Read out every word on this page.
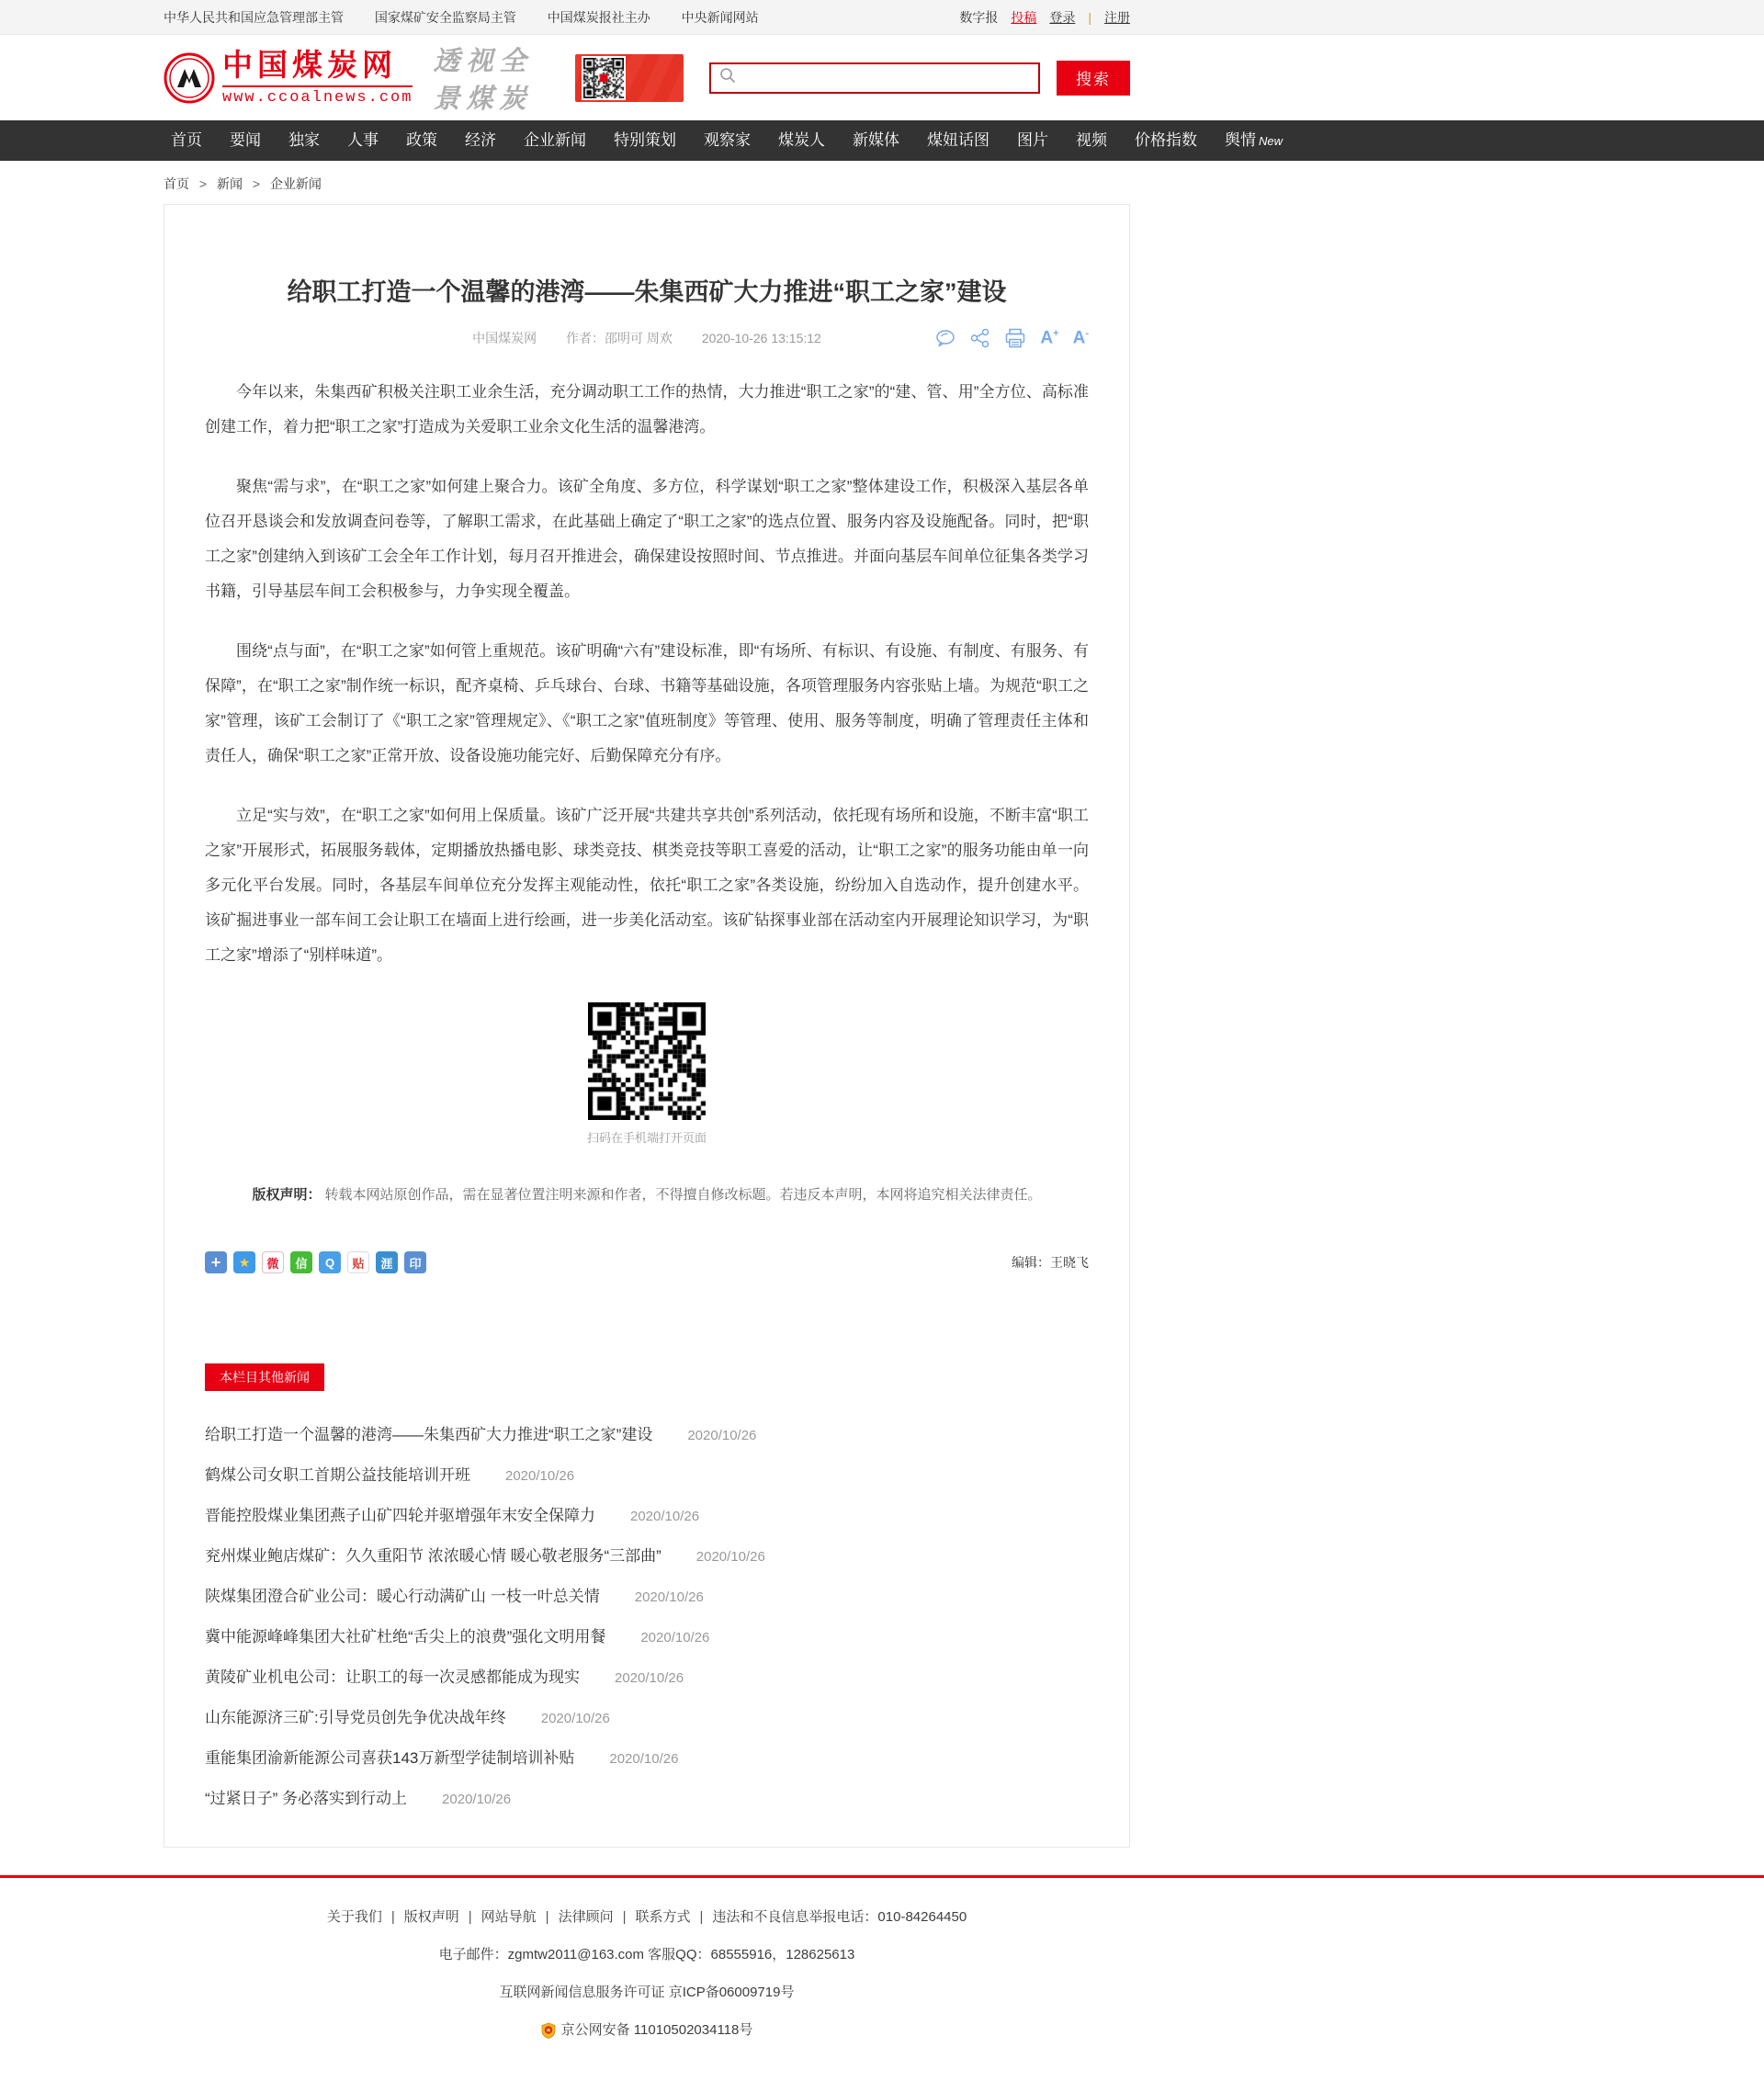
中华人民共和国应急管理部主管 国家煤矿安全监察局主管 中国煤炭报社主办 中央新闻网站	数字报 投稿 登录 | 注册
中国煤炭网
www.ccoalnews.com
透视全景煤炭
搜索
首页	要闻	独家	人事	政策	经济	企业新闻	特别策划	观察家	煤炭人	新媒体	煤妞话图	图片	视频	价格指数	舆情 New
首页 > 新闻 > 企业新闻
给职工打造一个温馨的港湾——朱集西矿大力推进“职工之家”建设
中国煤炭网 作者：邵明可 周欢 2020-10-26 13:15:12	A+ A-

今年以来，朱集西矿积极关注职工业余生活，充分调动职工工作的热情，大力推进“职工之家”的“建、管、用”全方位、高标准创建工作，着力把“职工之家”打造成为关爱职工业余文化生活的温馨港湾。

聚焦“需与求”，在“职工之家”如何建上聚合力。该矿全角度、多方位，科学谋划“职工之家”整体建设工作，积极深入基层各单位召开恳谈会和发放调查问卷等，了解职工需求，在此基础上确定了“职工之家”的选点位置、服务内容及设施配备。同时，把“职工之家”创建纳入到该矿工会全年工作计划，每月召开推进会，确保建设按照时间、节点推进。并面向基层车间单位征集各类学习书籍，引导基层车间工会积极参与，力争实现全覆盖。

围绕“点与面”，在“职工之家”如何管上重规范。该矿明确“六有”建设标准，即“有场所、有标识、有设施、有制度、有服务、有保障”，在“职工之家”制作统一标识，配齐桌椅、乒乓球台、台球、书籍等基础设施，各项管理服务内容张贴上墙。为规范“职工之家”管理，该矿工会制订了《“职工之家”管理规定》、《“职工之家”值班制度》等管理、使用、服务等制度，明确了管理责任主体和责任人，确保“职工之家”正常开放、设备设施功能完好、后勤保障充分有序。

立足“实与效”，在“职工之家”如何用上保质量。该矿广泛开展“共建共享共创”系列活动，依托现有场所和设施，不断丰富“职工之家”开展形式，拓展服务载体，定期播放热播电影、球类竞技、棋类竞技等职工喜爱的活动，让“职工之家”的服务功能由单一向多元化平台发展。同时，各基层车间单位充分发挥主观能动性，依托“职工之家”各类设施，纷纷加入自选动作，提升创建水平。该矿掘进事业一部车间工会让职工在墙面上进行绘画，进一步美化活动室。该矿钻探事业部在活动室内开展理论知识学习，为“职工之家”增添了“别样味道”。

扫码在手机端打开页面
版权声明： 转载本网站原创作品，需在显著位置注明来源和作者，不得擅自修改标题。若违反本声明，本网将追究相关法律责任。
+	★	微	信	Q	贴	涯	印	编辑：王晓飞
本栏目其他新闻
给职工打造一个温馨的港湾——朱集西矿大力推进“职工之家”建设	2020/10/26
鹤煤公司女职工首期公益技能培训开班	2020/10/26
晋能控股煤业集团燕子山矿四轮并驱增强年末安全保障力	2020/10/26
兖州煤业鲍店煤矿：久久重阳节 浓浓暖心情 暖心敬老服务“三部曲”	2020/10/26
陕煤集团澄合矿业公司：暖心行动满矿山 一枝一叶总关情	2020/10/26
冀中能源峰峰集团大社矿杜绝“舌尖上的浪费”强化文明用餐	2020/10/26
黄陵矿业机电公司：让职工的每一次灵感都能成为现实	2020/10/26
山东能源济三矿:引导党员创先争优决战年终	2020/10/26
重能集团渝新能源公司喜获143万新型学徒制培训补贴	2020/10/26
“过紧日子” 务必落实到行动上	2020/10/26
关于我们 | 版权声明 | 网站导航 | 法律顾问 | 联系方式 | 违法和不良信息举报电话：010-84264450
电子邮件：zgmtw2011@163.com 客服QQ：68555916，128625613
互联网新闻信息服务许可证 京ICP备06009719号
京公网安备 11010502034118号
